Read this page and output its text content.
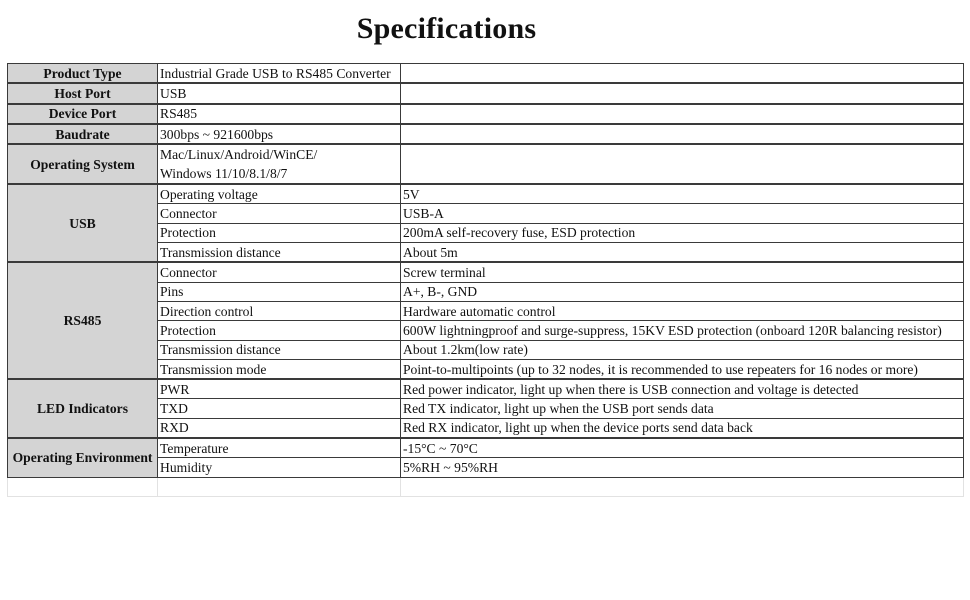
Specifications
Product Type	Industrial Grade USB to RS485 Converter	
Host Port	USB	
Device Port	RS485	
Baudrate	300bps ~ 921600bps	
Operating System	Mac/Linux/Android/WinCE/
Windows 11/10/8.1/8/7	

USB	Operating voltage	5V
	Connector	USB-A
	Protection	200mA self-recovery fuse, ESD protection
	Transmission distance	About 5m
RS485	Connector	Screw terminal
	Pins	A+, B-, GND
	Direction control	Hardware automatic control
	Protection	600W lightningproof and surge-suppress, 15KV ESD protection (onboard 120R balancing resistor)
	Transmission distance	About 1.2km(low rate)
	Transmission mode	Point-to-multipoints (up to 32 nodes, it is recommended to use repeaters for 16 nodes or more)
LED Indicators	PWR	Red power indicator, light up when there is USB connection and voltage is detected
	TXD	Red TX indicator, light up when the USB port sends data
	RXD	Red RX indicator, light up when the device ports send data back
Operating Environment	Temperature	-15°C ~ 70°C
	Humidity	5%RH ~ 95%RH
